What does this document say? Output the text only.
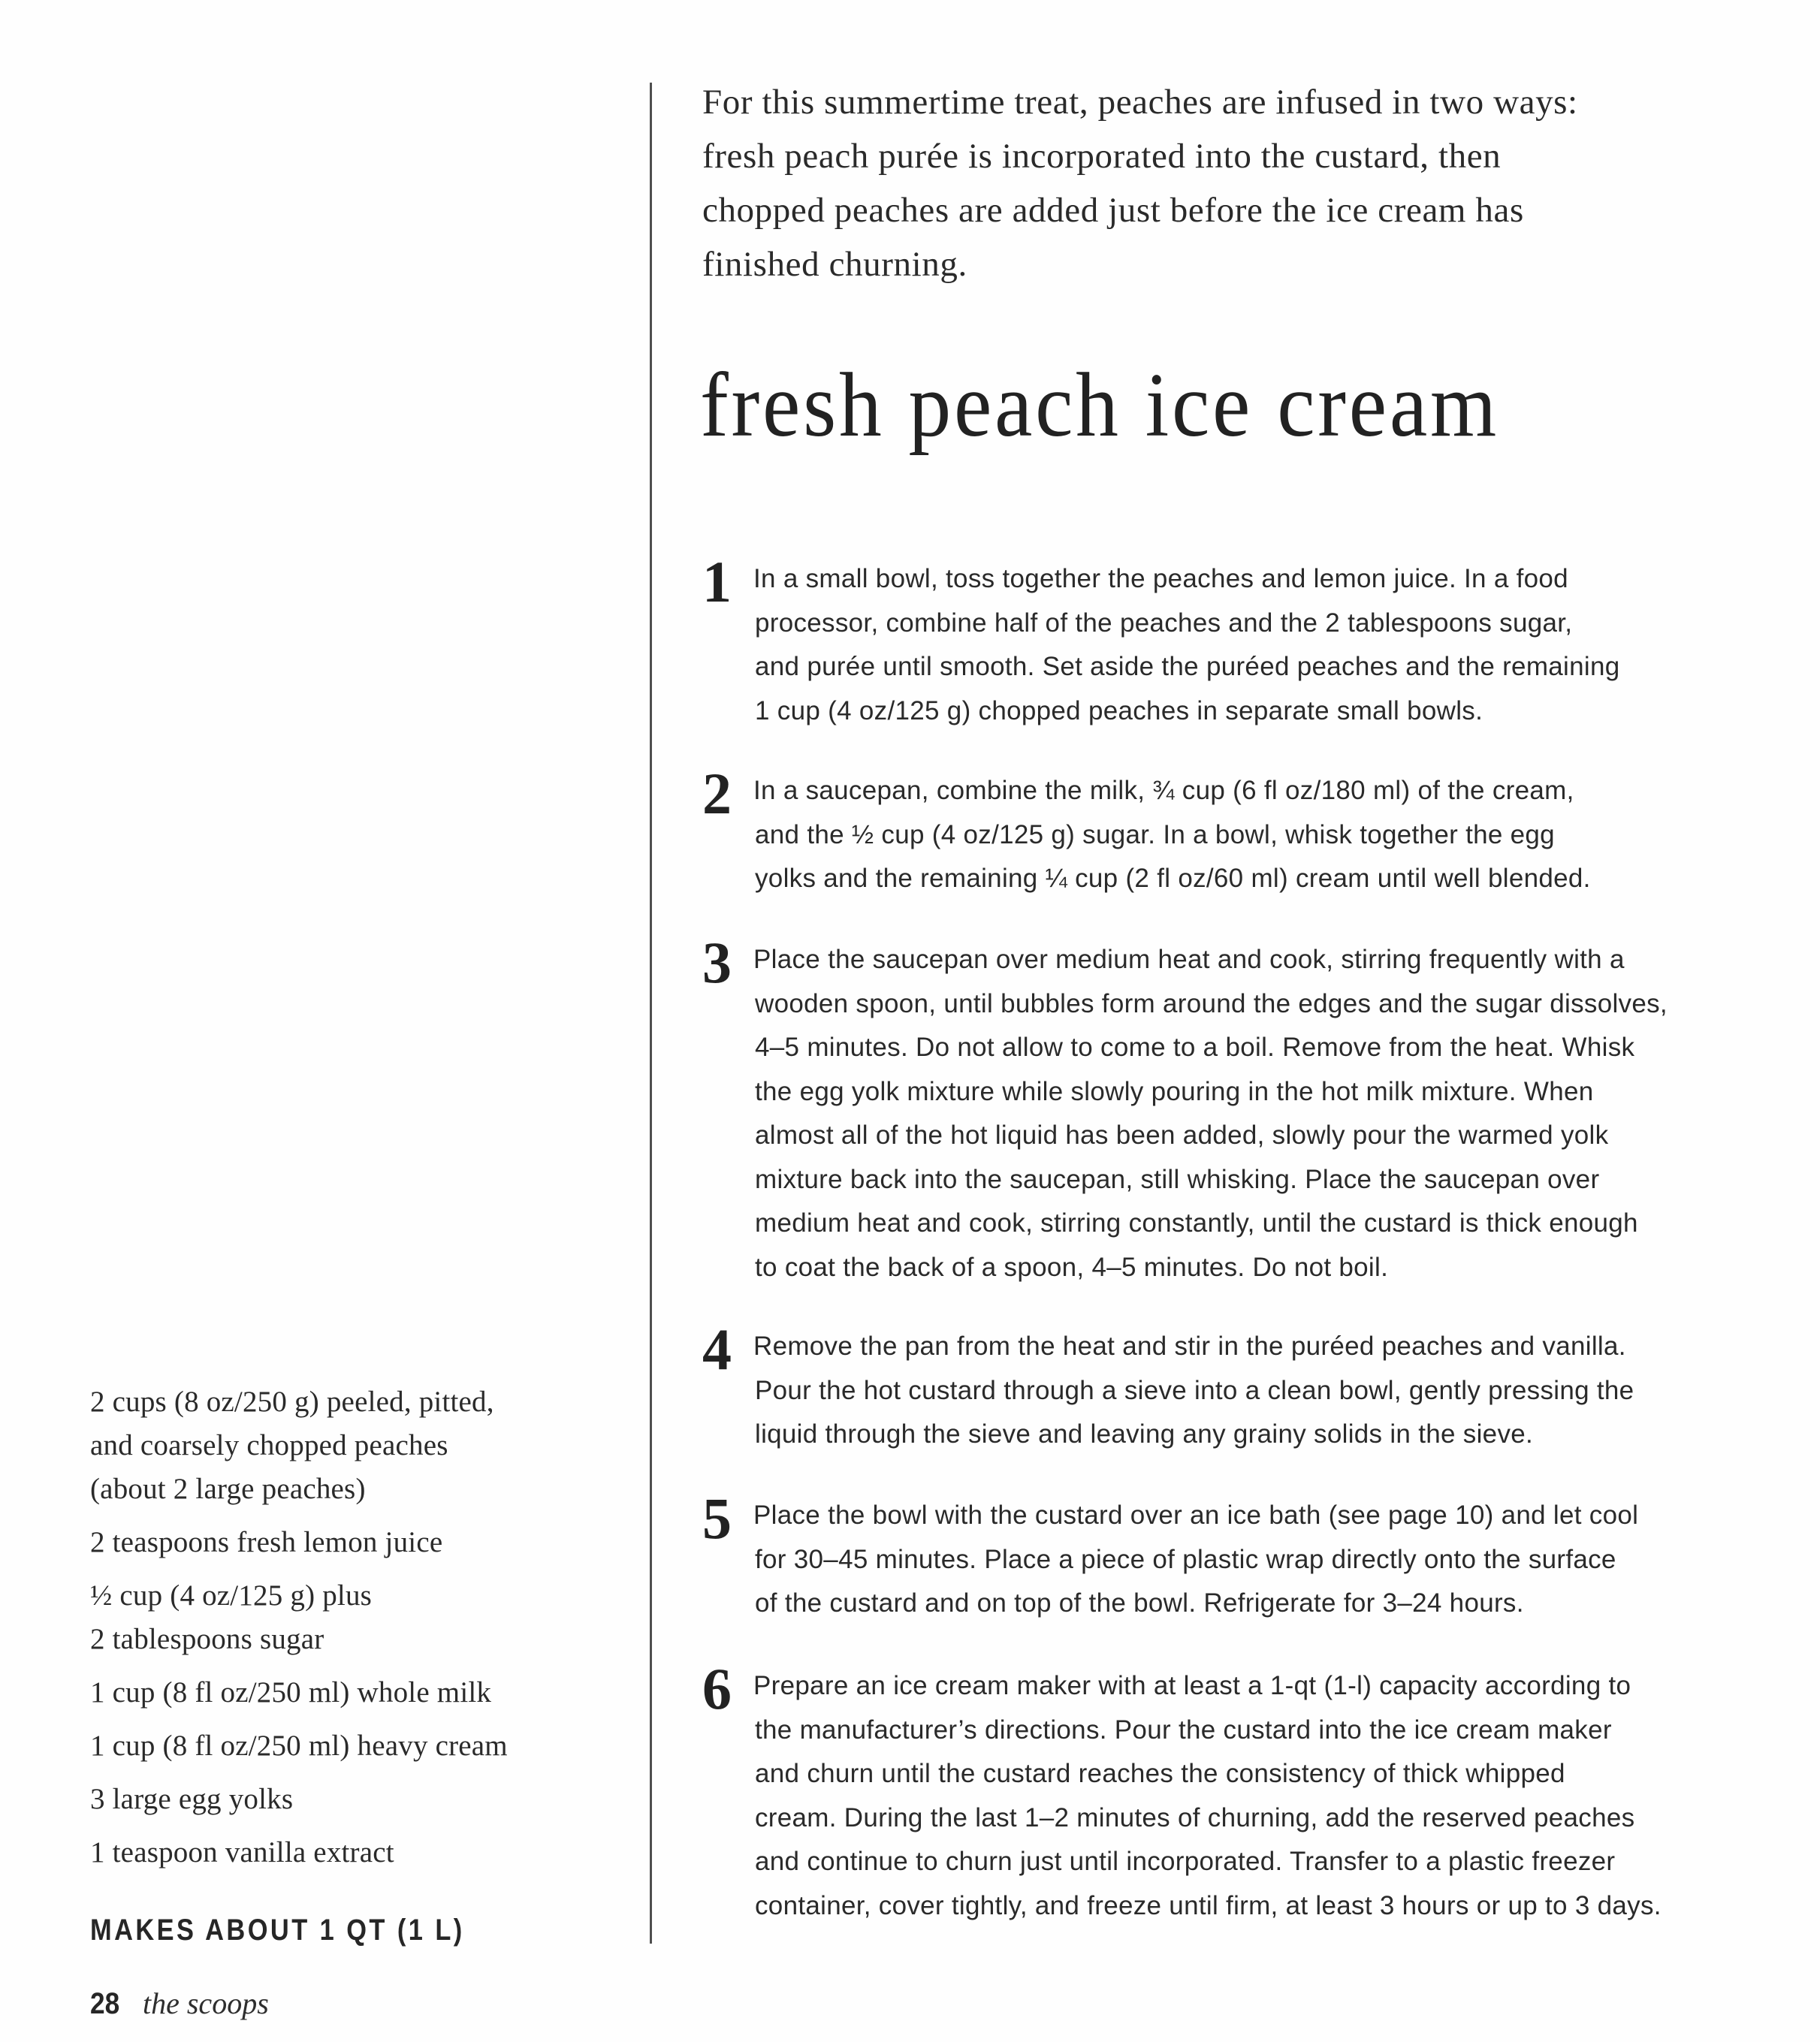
2 cups (8 oz/250 g) peeled, pitted,
and coarsely chopped peaches
(about 2 large peaches)
2 teaspoons fresh lemon juice
½ cup (4 oz/125 g) plus
2 tablespoons sugar
1 cup (8 fl oz/250 ml) whole milk
1 cup (8 fl oz/250 ml) heavy cream
3 large egg yolks
1 teaspoon vanilla extract
MAKES ABOUT 1 QT (1 L)
28 the scoops
For this summertime treat, peaches are infused in two ways:
fresh peach purée is incorporated into the custard, then
chopped peaches are added just before the ice cream has
finished churning.
fresh peach ice cream
1 In a small bowl, toss together the peaches and lemon juice. In a food
processor, combine half of the peaches and the 2 tablespoons sugar,
and purée until smooth. Set aside the puréed peaches and the remaining
1 cup (4 oz/125 g) chopped peaches in separate small bowls.
2 In a saucepan, combine the milk, ¾ cup (6 fl oz/180 ml) of the cream,
and the ½ cup (4 oz/125 g) sugar. In a bowl, whisk together the egg
yolks and the remaining ¼ cup (2 fl oz/60 ml) cream until well blended.
3 Place the saucepan over medium heat and cook, stirring frequently with a
wooden spoon, until bubbles form around the edges and the sugar dissolves,
4–5 minutes. Do not allow to come to a boil. Remove from the heat. Whisk
the egg yolk mixture while slowly pouring in the hot milk mixture. When
almost all of the hot liquid has been added, slowly pour the warmed yolk
mixture back into the saucepan, still whisking. Place the saucepan over
medium heat and cook, stirring constantly, until the custard is thick enough
to coat the back of a spoon, 4–5 minutes. Do not boil.
4 Remove the pan from the heat and stir in the puréed peaches and vanilla.
Pour the hot custard through a sieve into a clean bowl, gently pressing the
liquid through the sieve and leaving any grainy solids in the sieve.
5 Place the bowl with the custard over an ice bath (see page 10) and let cool
for 30–45 minutes. Place a piece of plastic wrap directly onto the surface
of the custard and on top of the bowl. Refrigerate for 3–24 hours.
6 Prepare an ice cream maker with at least a 1-qt (1-l) capacity according to
the manufacturer’s directions. Pour the custard into the ice cream maker
and churn until the custard reaches the consistency of thick whipped
cream. During the last 1–2 minutes of churning, add the reserved peaches
and continue to churn just until incorporated. Transfer to a plastic freezer
container, cover tightly, and freeze until firm, at least 3 hours or up to 3 days.
